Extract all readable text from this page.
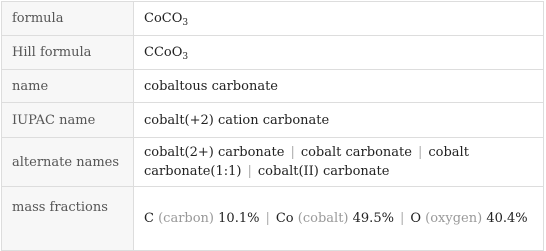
formula	CoCO$_3$
Hill formula	CCoO$_3$
name	cobaltous carbonate
IUPAC name	cobalt(+2) cation carbonate
alternate names	cobalt(2+) carbonate | cobalt carbonate | cobalt carbonate(1:1) | cobalt(II) carbonate
mass fractions	C (carbon) 10.1% | Co (cobalt) 49.5% | O (oxygen) 40.4%
